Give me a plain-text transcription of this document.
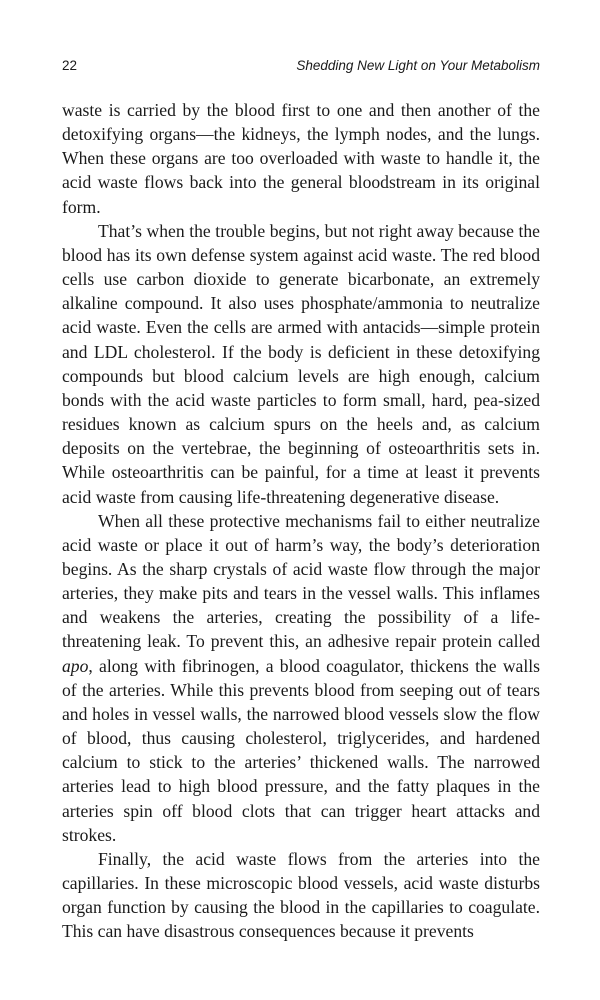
22	Shedding New Light on Your Metabolism

waste is carried by the blood first to one and then another of the detoxifying organs—the kidneys, the lymph nodes, and the lungs. When these organs are too overloaded with waste to handle it, the acid waste flows back into the general bloodstream in its original form.

That’s when the trouble begins, but not right away because the blood has its own defense system against acid waste. The red blood cells use carbon dioxide to generate bicarbonate, an extremely alkaline compound. It also uses phosphate/ammonia to neutralize acid waste. Even the cells are armed with antacids—simple protein and LDL cholesterol. If the body is deficient in these detoxifying compounds but blood calcium levels are high enough, calcium bonds with the acid waste particles to form small, hard, pea-sized residues known as calcium spurs on the heels and, as calcium deposits on the vertebrae, the beginning of osteoarthritis sets in. While osteoarthritis can be painful, for a time at least it prevents acid waste from causing life-threatening degenerative disease.

When all these protective mechanisms fail to either neutralize acid waste or place it out of harm’s way, the body’s deterioration begins. As the sharp crystals of acid waste flow through the major arteries, they make pits and tears in the vessel walls. This inflames and weakens the arteries, creating the possibility of a life-threatening leak. To prevent this, an adhesive repair protein called apo, along with fibrinogen, a blood coagulator, thickens the walls of the arteries. While this prevents blood from seeping out of tears and holes in vessel walls, the narrowed blood vessels slow the flow of blood, thus causing cholesterol, triglycerides, and hardened calcium to stick to the arteries’ thickened walls. The narrowed arteries lead to high blood pressure, and the fatty plaques in the arteries spin off blood clots that can trigger heart attacks and strokes.

Finally, the acid waste flows from the arteries into the capillaries. In these microscopic blood vessels, acid waste disturbs organ function by causing the blood in the capillaries to coagulate. This can have disastrous consequences because it prevents
